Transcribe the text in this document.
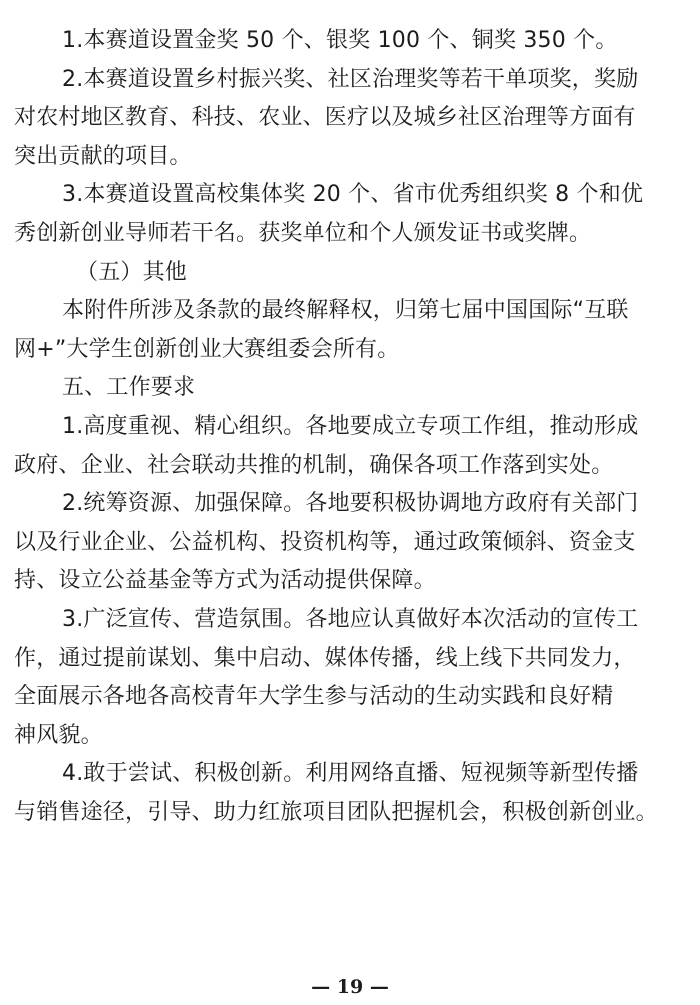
1.本赛道设置金奖 50 个、银奖 100 个、铜奖 350 个。
2.本赛道设置乡村振兴奖、社区治理奖等若干单项奖，奖励
对农村地区教育、科技、农业、医疗以及城乡社区治理等方面有
突出贡献的项目。
3.本赛道设置高校集体奖 20 个、省市优秀组织奖 8 个和优
秀创新创业导师若干名。获奖单位和个人颁发证书或奖牌。
（五）其他
本附件所涉及条款的最终解释权，归第七届中国国际“互联
网+”大学生创新创业大赛组委会所有。
五、工作要求
1.高度重视、精心组织。各地要成立专项工作组，推动形成
政府、企业、社会联动共推的机制，确保各项工作落到实处。
2.统筹资源、加强保障。各地要积极协调地方政府有关部门
以及行业企业、公益机构、投资机构等，通过政策倾斜、资金支
持、设立公益基金等方式为活动提供保障。
3.广泛宣传、营造氛围。各地应认真做好本次活动的宣传工
作，通过提前谋划、集中启动、媒体传播，线上线下共同发力，
全面展示各地各高校青年大学生参与活动的生动实践和良好精
神风貌。
4.敢于尝试、积极创新。利用网络直播、短视频等新型传播
与销售途径，引导、助力红旅项目团队把握机会，积极创新创业。
— 19 —
